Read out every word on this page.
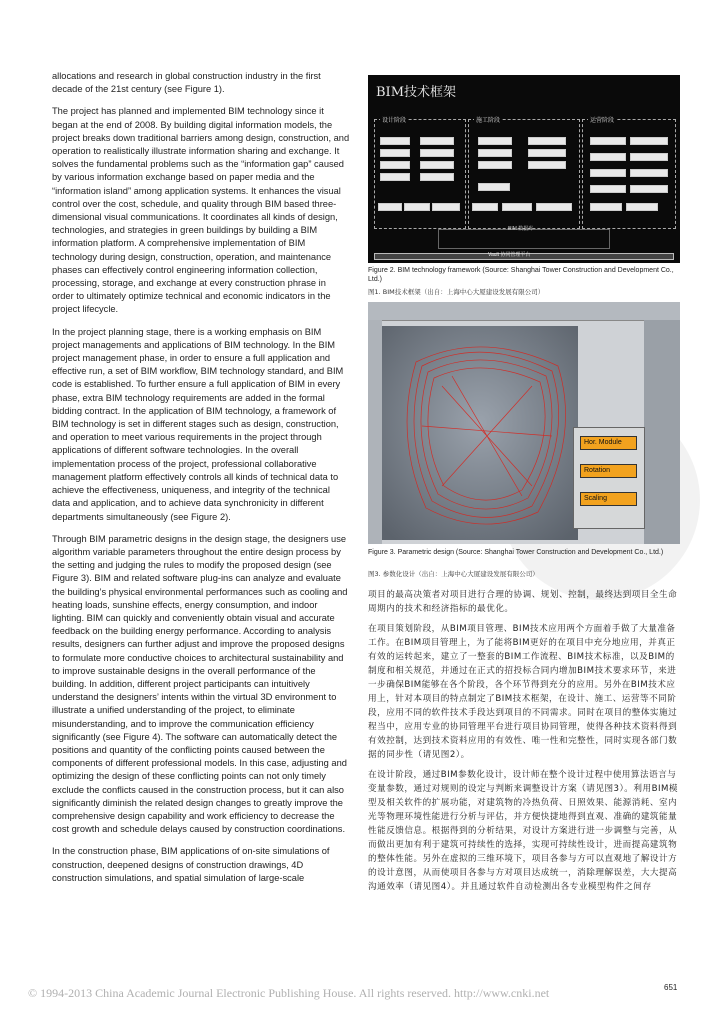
allocations and research in global construction industry in the first decade of the 21st century (see Figure 1).

The project has planned and implemented BIM technology since it began at the end of 2008. By building digital information models, the project breaks down traditional barriers among design, construction, and operation to realistically illustrate information sharing and exchange. It solves the fundamental problems such as the “information gap” caused by various information exchange based on paper media and the “information island” among application systems. It enhances the visual control over the cost, schedule, and quality through BIM based three-dimensional visual communications. It coordinates all kinds of design, technologies, and strategies in green buildings by building a BIM information platform. A comprehensive implementation of BIM technology during design, construction, operation, and maintenance phases can effectively control engineering information collection, processing, storage, and exchange at every construction phrase in order to ultimately optimize technical and economic indicators in the project lifecycle.

In the project planning stage, there is a working emphasis on BIM project managements and applications of BIM technology. In the BIM project management phase, in order to ensure a full application and effective run, a set of BIM workflow, BIM technology standard, and BIM code is established. To further ensure a full application of BIM in every phase, extra BIM technology requirements are added in the formal bidding contract. In the application of BIM technology, a framework of BIM technology is set in different stages such as design, construction, and operation to meet various requirements in the project through applications of different software technologies. In the overall implementation process of the project, professional collaborative management platform effectively controls all kinds of technical data to achieve the effectiveness, uniqueness, and integrity of the technical data and application, and to achieve data synchronicity in different departments simultaneously (see Figure 2).

Through BIM parametric designs in the design stage, the designers use algorithm variable parameters throughout the entire design process by the setting and judging the rules to modify the proposed design (see Figure 3). BIM and related software plug-ins can analyze and evaluate the building’s physical environmental performances such as cooling and heating loads, sunshine effects, energy consumption, and indoor lighting. BIM can quickly and conveniently obtain visual and accurate feedback on the building energy performance. According to analysis results, designers can further adjust and improve the proposed designs to formulate more conductive choices to architectural sustainability and to improve sustainable designs in the overall performance of the building. In addition, different project participants can intuitively understand the designers’ intents within the virtual 3D environment to illustrate a unified understanding of the project, to eliminate misunderstanding, and to improve the communication efficiency significantly (see Figure 4). The software can automatically detect the positions and quantity of the conflicting points caused between the components of different professional models. In this case, adjusting and optimizing the design of these conflicting points can not only timely exclude the conflicts caused in the construction process, but it can also significantly diminish the related design changes to greatly improve the comprehensive design capability and work efficiency to decrease the cost growth and schedule delays caused by construction coordinations.

In the construction phase, BIM applications of on-site simulations of construction, deepened designs of construction drawings, 4D construction simulations, and spatial simulation of large-scale

BIM技术框架
设计阶段	施工阶段	运营阶段
BIM 数据库
Vault 协同管理平台
Figure 2. BIM technology framework (Source: Shanghai Tower Construction and Development Co., Ltd.)
图1. BIM技术框架（出自：上海中心大厦建设发展有限公司）
Hor. Module
Rotation
Scaling
Figure 3. Parametric design (Source: Shanghai Tower Construction and Development Co., Ltd.)
图3. 参数化设计（出自：上海中心大厦建设发展有限公司）

项目的最高决策者对项目进行合理的协调、规划、控制，最终达到项目全生命周期内的技术和经济指标的最优化。

在项目策划阶段，从BIM项目管理、BIM技术应用两个方面着手做了大量准备工作。在BIM项目管理上，为了能将BIM更好的在项目中充分地应用，并真正有效的运转起来，建立了一整套的BIM工作流程、BIM技术标准，以及BIM的制度和相关规范，并通过在正式的招投标合同内增加BIM技术要求环节，来进一步确保BIM能够在各个阶段，各个环节得到充分的应用。另外在BIM技术应用上，针对本项目的特点制定了BIM技术框架，在设计、施工、运营等不同阶段，应用不同的软件技术手段达到项目的不同需求。同时在项目的整体实施过程当中，应用专业的协同管理平台进行项目协同管理，使得各种技术资料得到有效控制，达到技术资料应用的有效性、唯一性和完整性，同时实现各部门数据的同步性（请见图2）。

在设计阶段，通过BIM参数化设计，设计师在整个设计过程中使用算法语言与变量参数，通过对规则的设定与判断来调整设计方案（请见图3）。利用BIM模型及相关软件的扩展功能，对建筑物的冷热负荷、日照效果、能源消耗、室内光等物理环境性能进行分析与评估，并方便快捷地得到直观、准确的建筑能量性能反馈信息。根据得到的分析结果，对设计方案进行进一步调整与完善，从而做出更加有利于建筑可持续性的选择，实现可持续性设计，进而提高建筑物的整体性能。另外在虚拟的三维环境下，项目各参与方可以直观地了解设计方的设计意图，从而使项目各参与方对项目达成统一，消除理解误差，大大提高沟通效率（请见图4）。并且通过软件自动检测出各专业模型构件之间存

© 1994-2013 China Academic Journal Electronic Publishing House. All rights reserved. http://www.cnki.net	651
